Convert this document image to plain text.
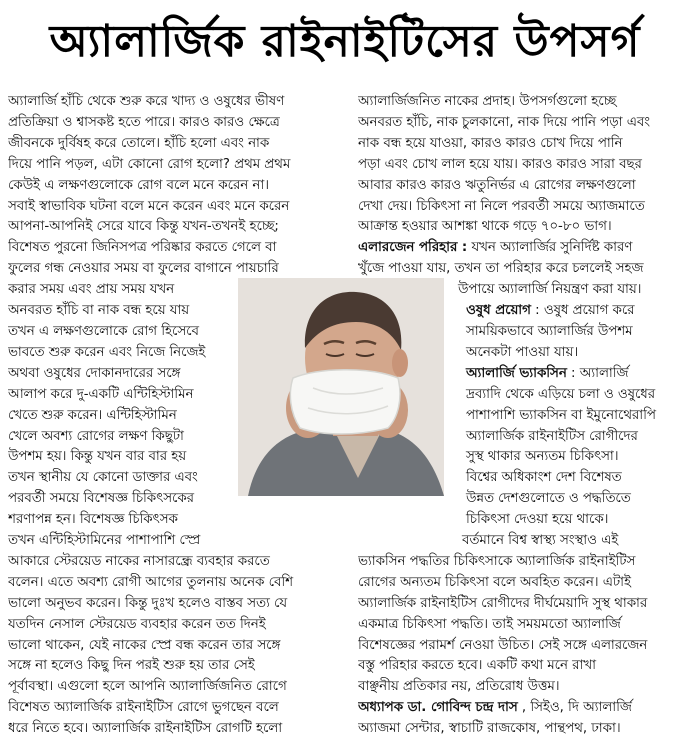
অ্যালার্জিক রাইনাইটিসের উপসর্গ

অ্যালার্জি হাঁচি থেকে শুরু করে খাদ্য ও ওষুধের ভীষণ

প্রতিক্রিয়া ও শ্বাসকষ্ট হতে পারে। কারও কারও ক্ষেত্রে

জীবনকে দুর্বিষহ করে তোলে। হাঁচি হলো এবং নাক

দিয়ে পানি পড়ল, এটা কোনো রোগ হলো? প্রথম প্রথম

কেউই এ লক্ষণগুলোকে রোগ বলে মনে করেন না।

সবাই স্বাভাবিক ঘটনা বলে মনে করেন এবং মনে করেন

আপনা-আপনিই সেরে যাবে কিন্তু যখন-তখনই হচ্ছে;

বিশেষত পুরনো জিনিসপত্র পরিষ্কার করতে গেলে বা

ফুলের গন্ধ নেওয়ার সময় বা ফুলের বাগানে পায়চারি

করার সময় এবং প্রায় সময় যখন

অনবরত হাঁচি বা নাক বন্ধ হয়ে যায়

তখন এ লক্ষণগুলোকে রোগ হিসেবে

ভাবতে শুরু করেন এবং নিজে নিজেই

অথবা ওষুধের দোকানদারের সঙ্গে

আলাপ করে দু-একটি এন্টিহিস্টামিন

খেতে শুরু করেন। এন্টিহিস্টামিন

খেলে অবশ্য রোগের লক্ষণ কিছুটা

উপশম হয়। কিন্তু যখন বার বার হয়

তখন স্থানীয় যে কোনো ডাক্তার এবং

পরবর্তী সময়ে বিশেষজ্ঞ চিকিৎসকের

শরণাপন্ন হন। বিশেষজ্ঞ চিকিৎসক

তখন এন্টিহিস্টামিনের পাশাপাশি স্প্রে

আকারে স্টেরয়েড নাকের নাসারন্ধ্রে ব্যবহার করতে

বলেন। এতে অবশ্য রোগী আগের তুলনায় অনেক বেশি

ভালো অনুভব করেন। কিন্তু দুঃখ হলেও বাস্তব সত্য যে

যতদিন নেসাল স্টেরয়েড ব্যবহার করেন তত দিনই

ভালো থাকেন, যেই নাকের স্প্রে বন্ধ করেন তার সঙ্গে

সঙ্গে না হলেও কিছু দিন পরই শুরু হয় তার সেই

পূর্বাবস্থা। এগুলো হলে আপনি অ্যালার্জিজনিত রোগে

বিশেষত অ্যালার্জিক রাইনাইটিস রোগে ভুগছেন বলে

ধরে নিতে হবে। অ্যালার্জিক রাইনাইটিস রোগটি হলো

অ্যালার্জিজনিত নাকের প্রদাহ। উপসর্গগুলো হচ্ছে

অনবরত হাঁচি, নাক চুলকানো, নাক দিয়ে পানি পড়া এবং

নাক বন্ধ হয়ে যাওয়া, কারও কারও চোখ দিয়ে পানি

পড়া এবং চোখ লাল হয়ে যায়। কারও কারও সারা বছর

আবার কারও কারও ঋতুনির্ভর এ রোগের লক্ষণগুলো

দেখা দেয়। চিকিৎসা না নিলে পরবর্তী সময়ে অ্যাজমাতে

আক্রান্ত হওয়ার আশঙ্কা থাকে গড়ে ৭০-৮০ ভাগ।

এলারজেন পরিহার : যখন অ্যালার্জির সুনির্দিষ্ট কারণ

খুঁজে পাওয়া যায়, তখন তা পরিহার করে চললেই সহজ

উপায়ে অ্যালার্জি নিয়ন্ত্রণ করা যায়।

ওষুধ প্রয়োগ : ওষুধ প্রয়োগ করে

সাময়িকভাবে অ্যালার্জির উপশম

অনেকটা পাওয়া যায়।

অ্যালার্জি ভ্যাকসিন : অ্যালার্জি

দ্রব্যাদি থেকে এড়িয়ে চলা ও ওষুধের

পাশাপাশি ভ্যাকসিন বা ইমুনোথেরাপি

অ্যালার্জিক রাইনাইটিস রোগীদের

সুস্থ থাকার অন্যতম চিকিৎসা।

বিশ্বের অধিকাংশ দেশ বিশেষত

উন্নত দেশগুলোতে ও পদ্ধতিতে

চিকিৎসা দেওয়া হয়ে থাকে।

বর্তমানে বিশ্ব স্বাস্থ্য সংস্থাও এই

ভ্যাকসিন পদ্ধতির চিকিৎসাকে অ্যালার্জিক রাইনাইটিস

রোগের অন্যতম চিকিৎসা বলে অবহিত করেন। এটাই

অ্যালার্জিক রাইনাইটিস রোগীদের দীর্ঘমেয়াদি সুস্থ থাকার

একমাত্র চিকিৎসা পদ্ধতি। তাই সময়মতো অ্যালার্জি

বিশেষজ্ঞের পরামর্শ নেওয়া উচিত। সেই সঙ্গে এলারজেন

বস্তু পরিহার করতে হবে। একটি কথা মনে রাখা

বাঞ্ছনীয় প্রতিকার নয়, প্রতিরোধ উত্তম।

অধ্যাপক ডা. গোবিন্দ চন্দ্র দাস , সিইও, দি অ্যালার্জি

অ্যাজমা সেন্টার, স্বাচাটি রাজকোষ, পান্থপথ, ঢাকা।
